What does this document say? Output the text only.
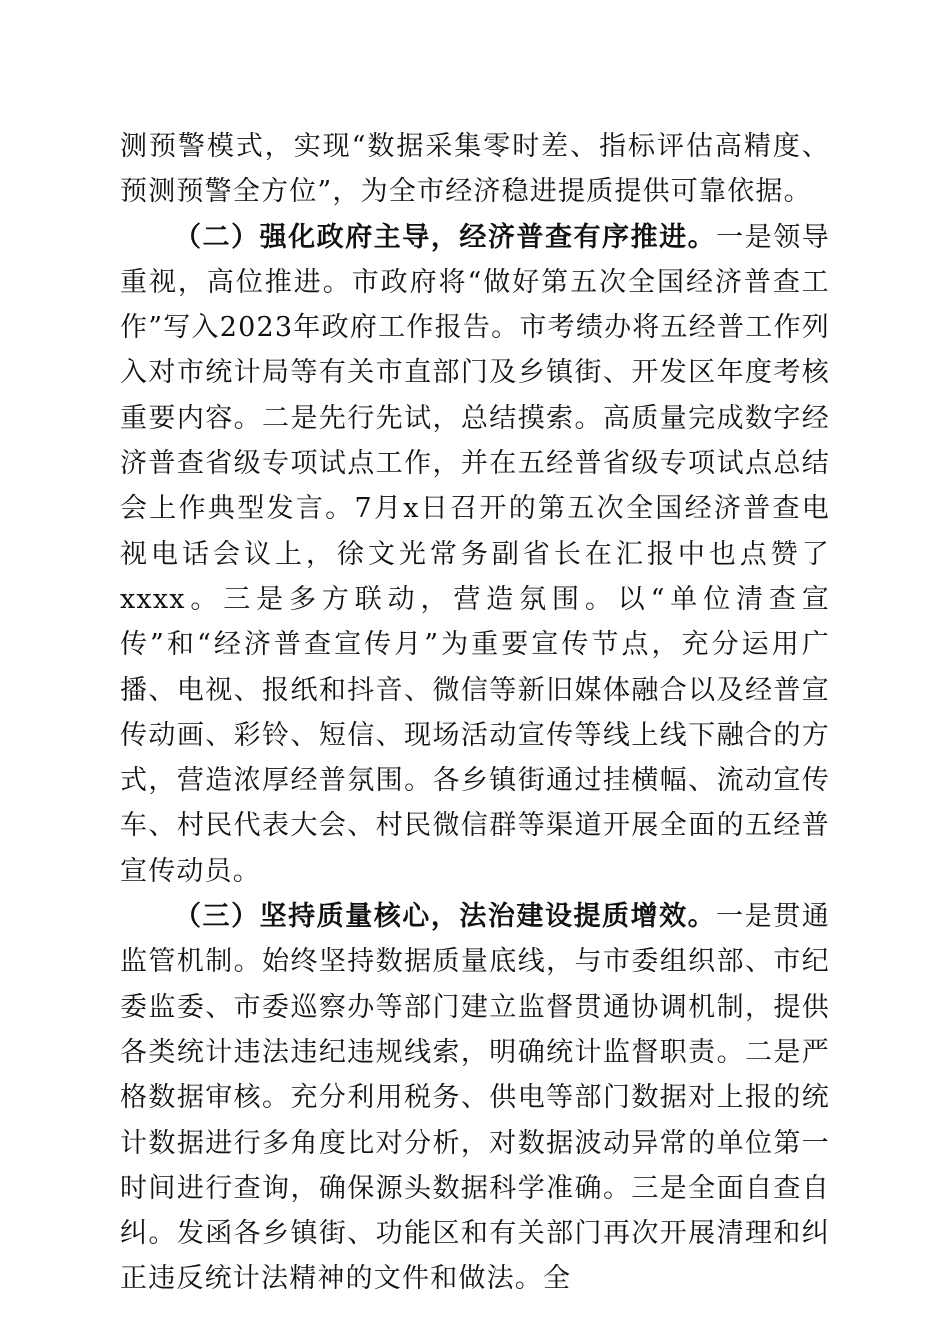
测预警模式，实现“数据采集零时差、指标评估高精度、预测预警全方位”，为全市经济稳进提质提供可靠依据。

（二）强化政府主导，经济普查有序推进。一是领导重视，高位推进。市政府将“做好第五次全国经济普查工作”写入2023年政府工作报告。市考绩办将五经普工作列入对市统计局等有关市直部门及乡镇街、开发区年度考核重要内容。二是先行先试，总结摸索。高质量完成数字经济普查省级专项试点工作，并在五经普省级专项试点总结会上作典型发言。7月x日召开的第五次全国经济普查电视电话会议上，徐文光常务副省长在汇报中也点赞了xxxx。三是多方联动，营造氛围。以“单位清查宣传”和“经济普查宣传月”为重要宣传节点，充分运用广播、电视、报纸和抖音、微信等新旧媒体融合以及经普宣传动画、彩铃、短信、现场活动宣传等线上线下融合的方式，营造浓厚经普氛围。各乡镇街通过挂横幅、流动宣传车、村民代表大会、村民微信群等渠道开展全面的五经普宣传动员。

（三）坚持质量核心，法治建设提质增效。一是贯通监管机制。始终坚持数据质量底线，与市委组织部、市纪委监委、市委巡察办等部门建立监督贯通协调机制，提供各类统计违法违纪违规线索，明确统计监督职责。二是严格数据审核。充分利用税务、供电等部门数据对上报的统计数据进行多角度比对分析，对数据波动异常的单位第一时间进行查询，确保源头数据科学准确。三是全面自查自纠。发函各乡镇街、功能区和有关部门再次开展清理和纠正违反统计法精神的文件和做法。全
